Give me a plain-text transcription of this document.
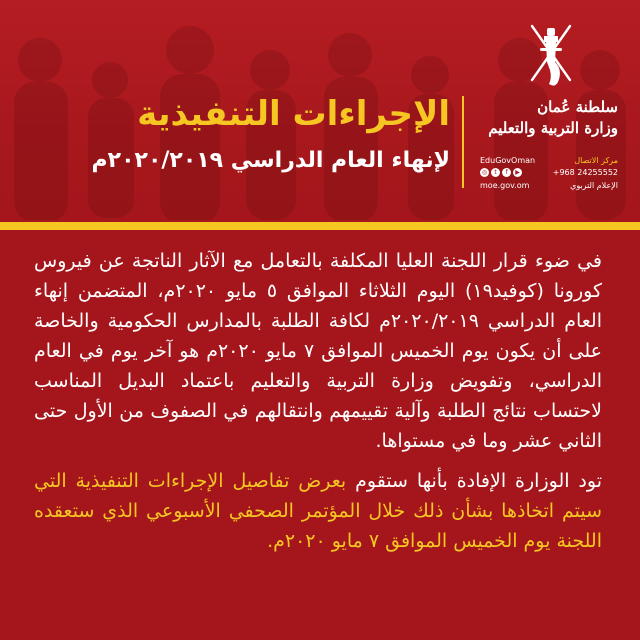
الإجراءات التنفيذية
لإنهاء العام الدراسي ٢٠٢٠/٢٠١٩م
سلطنة عُمان
وزارة التربية والتعليم
EduGovOman	مركز الاتصال
◎	t	f	▶	+968 24255552
moe.gov.om	الإعلام التربوي

في ضوء قرار اللجنة العليا المكلفة بالتعامل مع الآثار الناتجة عن فيروس كورونا (كوفيد١٩) اليوم الثلاثاء الموافق ٥ مايو ٢٠٢٠م، المتضمن إنهاء العام الدراسي ٢٠٢٠/٢٠١٩م لكافة الطلبة بالمدارس الحكومية والخاصة على أن يكون يوم الخميس الموافق ٧ مايو ٢٠٢٠م هو آخر يوم في العام الدراسي، وتفويض وزارة التربية والتعليم باعتماد البديل المناسب لاحتساب نتائج الطلبة وآلية تقييمهم وانتقالهم في الصفوف من الأول حتى الثاني عشر وما في مستواها.

تود الوزارة الإفادة بأنها ستقوم بعرض تفاصيل الإجراءات التنفيذية التي سيتم اتخاذها بشأن ذلك خلال المؤتمر الصحفي الأسبوعي الذي ستعقده اللجنة يوم الخميس الموافق ٧ مايو ٢٠٢٠م.
